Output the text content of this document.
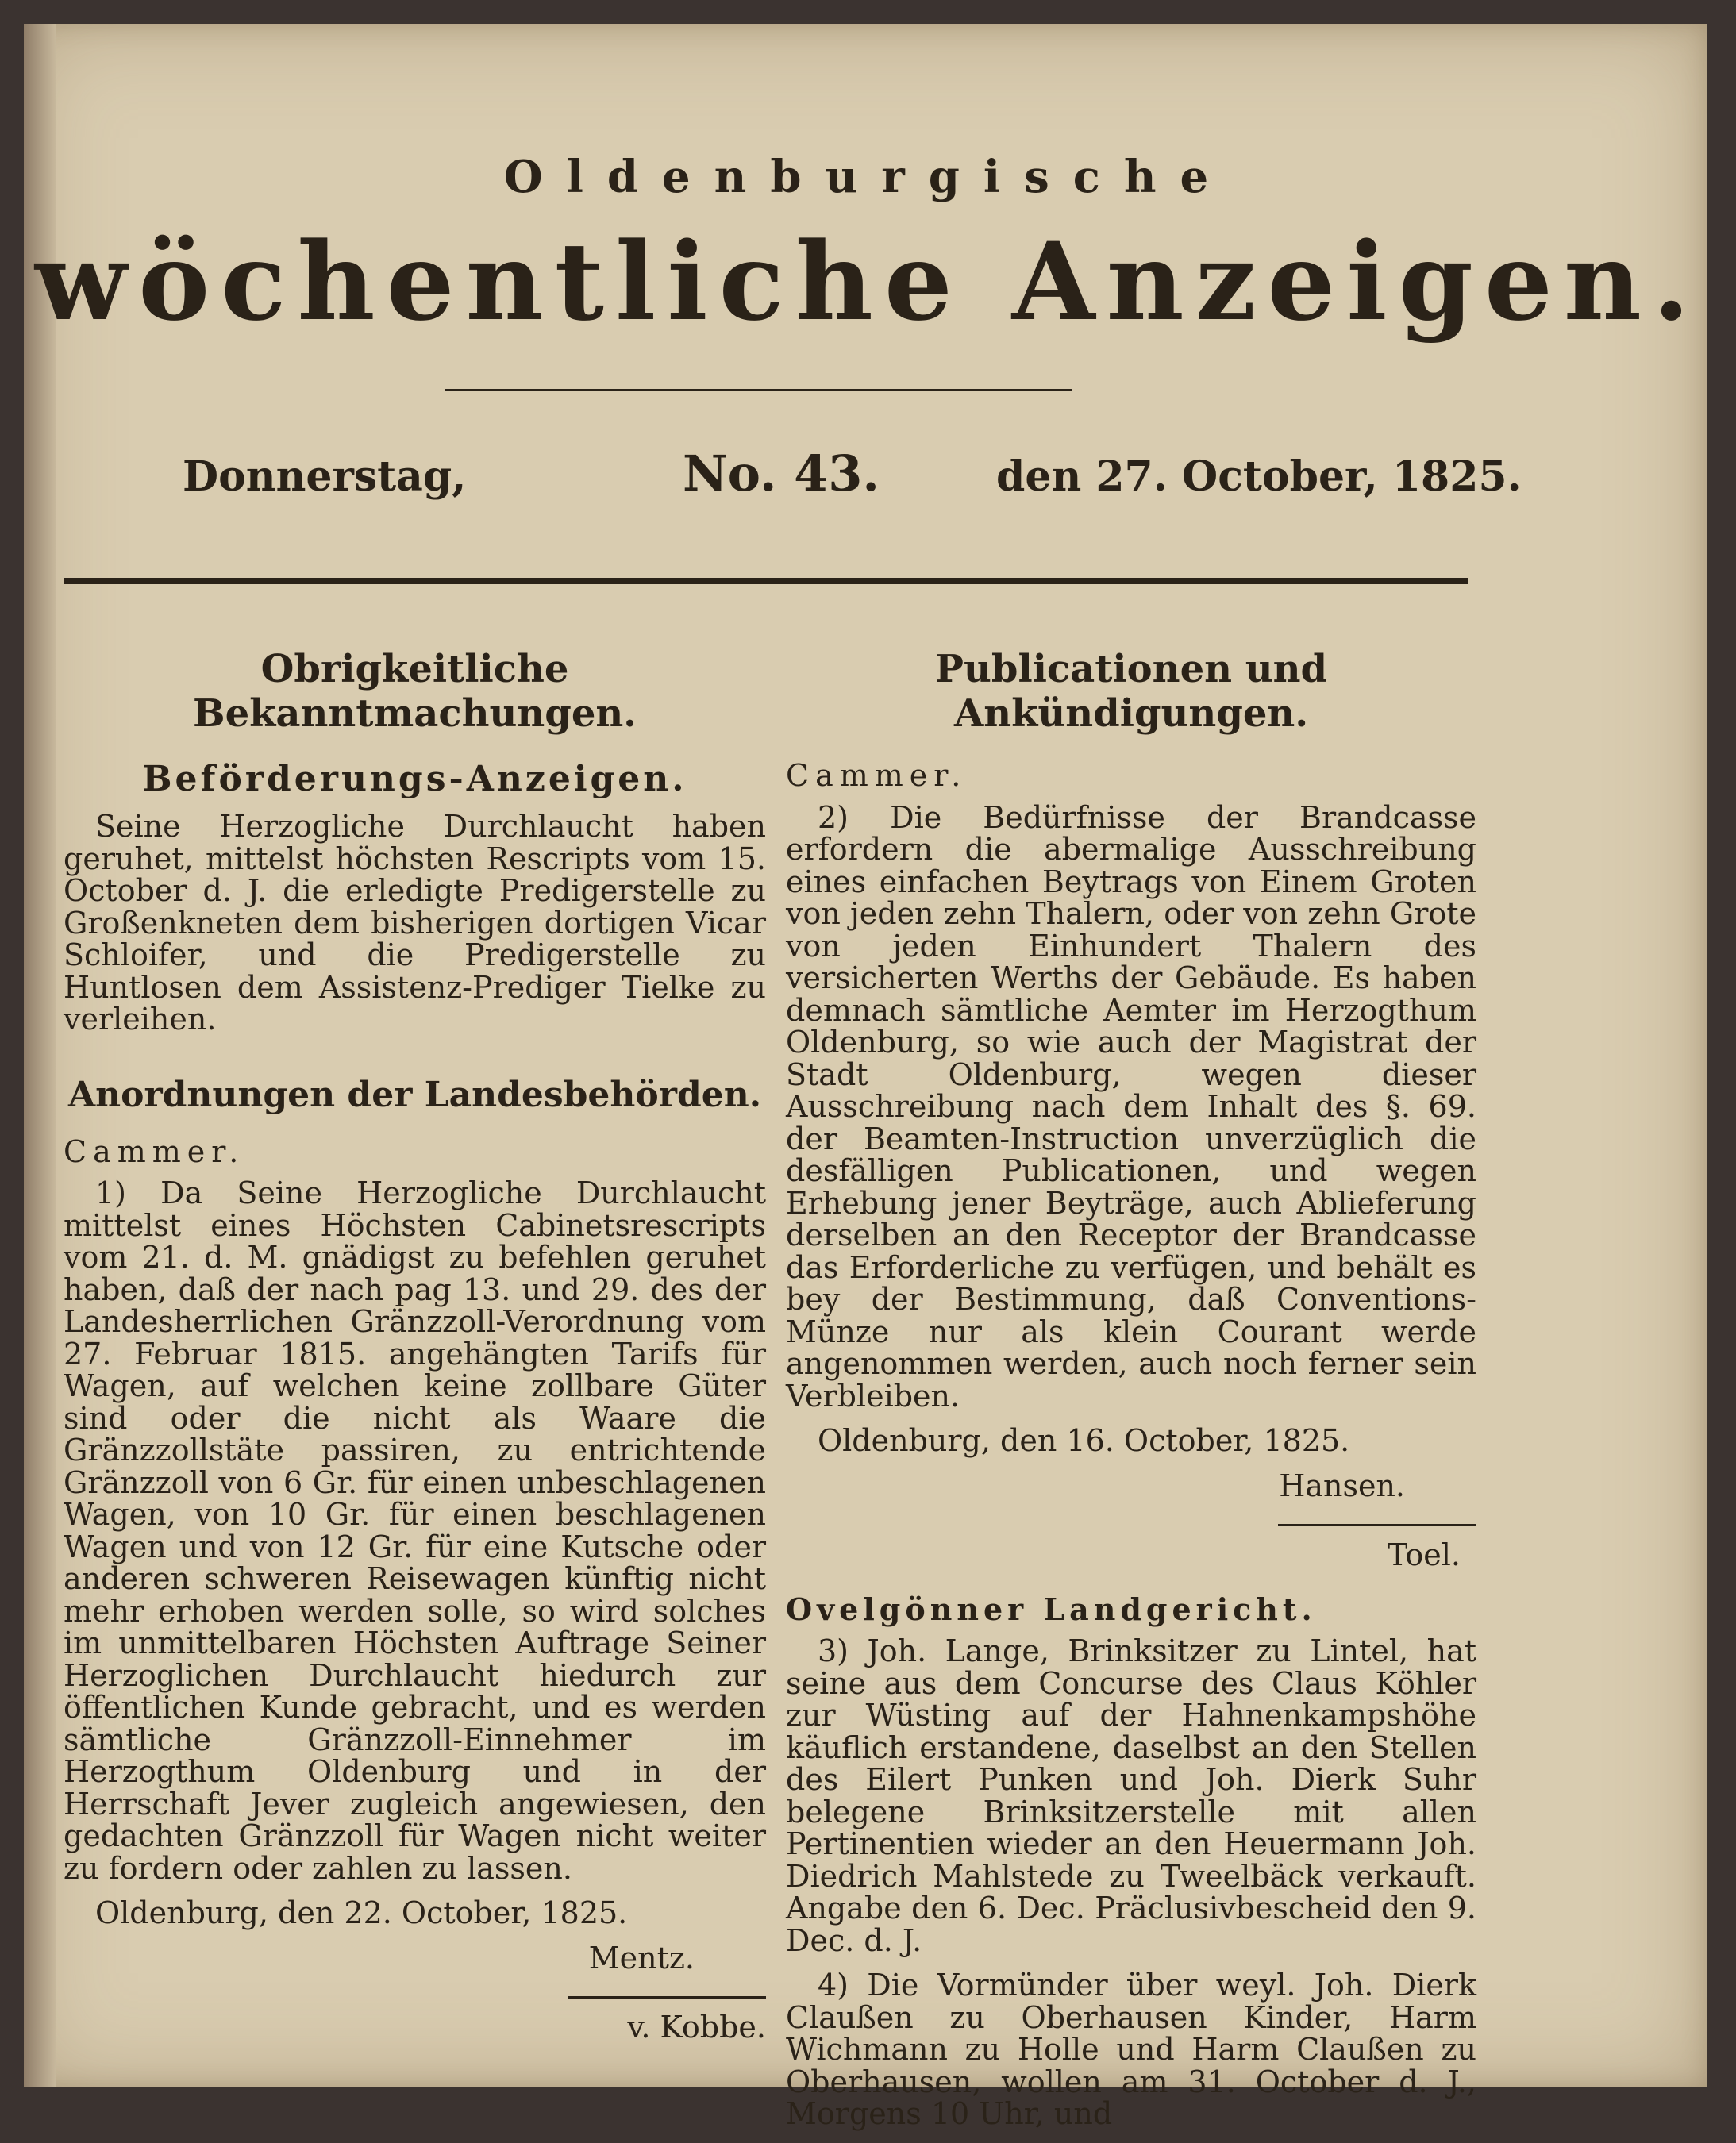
Oldenburgische
wöchentliche Anzeigen.
Donnerstag,	No. 43.	den 27. October, 1825.
Obrigkeitliche Bekanntmachungen.
Beförderungs-Anzeigen.

Seine Herzogliche Durchlaucht haben geruhet, mittelst höchsten Rescripts vom 15. October d. J. die erledigte Predigerstelle zu Großenkneten dem bisherigen dortigen Vicar Schloifer, und die Predigerstelle zu Huntlosen dem Assistenz-Prediger Tielke zu verleihen.

Anordnungen der Landesbehörden.
Cammer.

1) Da Seine Herzogliche Durchlaucht mittelst eines Höchsten Cabinetsrescripts vom 21. d. M. gnädigst zu befehlen geruhet haben, daß der nach pag 13. und 29. des der Landesherrlichen Gränzzoll-Verordnung vom 27. Februar 1815. angehängten Tarifs für Wagen, auf welchen keine zollbare Güter sind oder die nicht als Waare die Gränzzollstäte passiren, zu entrichtende Gränzzoll von 6 Gr. für einen unbeschlagenen Wagen, von 10 Gr. für einen beschlagenen Wagen und von 12 Gr. für eine Kutsche oder anderen schweren Reisewagen künftig nicht mehr erhoben werden solle, so wird solches im unmittelbaren Höchsten Auftrage Seiner Herzoglichen Durchlaucht hiedurch zur öffentlichen Kunde gebracht, und es werden sämtliche Gränzzoll-Einnehmer im Herzogthum Oldenburg und in der Herrschaft Jever zugleich angewiesen, den gedachten Gränzzoll für Wagen nicht weiter zu fordern oder zahlen zu lassen.

Oldenburg, den 22. October, 1825.

Mentz.
v. Kobbe.
Publicationen und Ankündigungen.
Cammer.

2) Die Bedürfnisse der Brandcasse erfordern die abermalige Ausschreibung eines einfachen Beytrags von Einem Groten von jeden zehn Thalern, oder von zehn Grote von jeden Einhundert Thalern des versicherten Werths der Gebäude. Es haben demnach sämtliche Aemter im Herzogthum Oldenburg, so wie auch der Magistrat der Stadt Oldenburg, wegen dieser Ausschreibung nach dem Inhalt des §. 69. der Beamten-Instruction unverzüglich die desfälligen Publicationen, und wegen Erhebung jener Beyträge, auch Ablieferung derselben an den Receptor der Brandcasse das Erforderliche zu verfügen, und behält es bey der Bestimmung, daß Conventions-Münze nur als klein Courant werde angenommen werden, auch noch ferner sein Verbleiben.

Oldenburg, den 16. October, 1825.

Hansen.
Toel.
Ovelgönner Landgericht.

3) Joh. Lange, Brinksitzer zu Lintel, hat seine aus dem Concurse des Claus Köhler zur Wüsting auf der Hahnenkampshöhe käuflich erstandene, daselbst an den Stellen des Eilert Punken und Joh. Dierk Suhr belegene Brinksitzerstelle mit allen Pertinentien wieder an den Heuermann Joh. Diedrich Mahlstede zu Tweelbäck verkauft. Angabe den 6. Dec. Präclusivbescheid den 9. Dec. d. J.

4) Die Vormünder über weyl. Joh. Dierk Claußen zu Oberhausen Kinder, Harm Wichmann zu Holle und Harm Claußen zu Oberhausen, wollen am 31. October d. J., Morgens 10 Uhr, und
